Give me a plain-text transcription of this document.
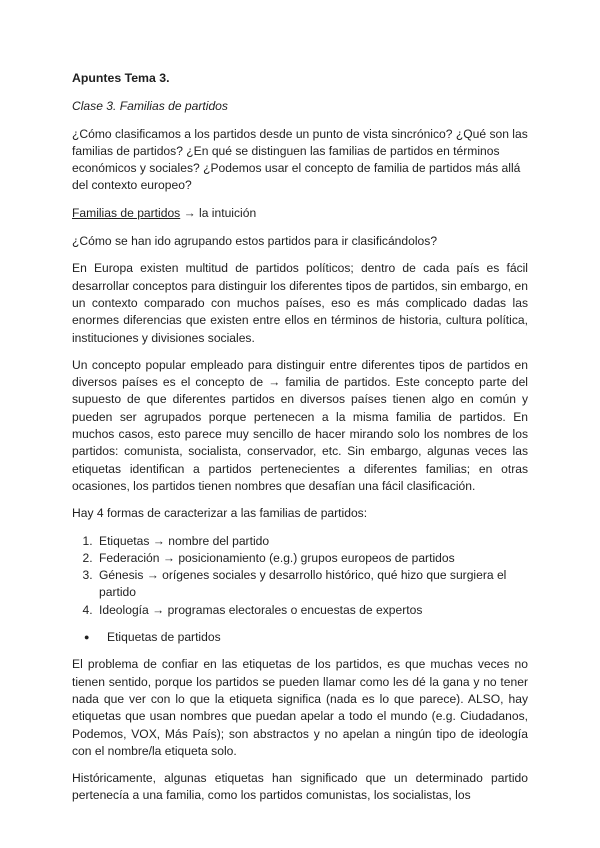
Apuntes Tema 3.
Clase 3. Familias de partidos

¿Cómo clasificamos a los partidos desde un punto de vista sincrónico? ¿Qué son las familias de partidos? ¿En qué se distinguen las familias de partidos en términos económicos y sociales? ¿Podemos usar el concepto de familia de partidos más allá del contexto europeo?

Familias de partidos → la intuición

¿Cómo se han ido agrupando estos partidos para ir clasificándolos?

En Europa existen multitud de partidos políticos; dentro de cada país es fácil desarrollar conceptos para distinguir los diferentes tipos de partidos, sin embargo, en un contexto comparado con muchos países, eso es más complicado dadas las enormes diferencias que existen entre ellos en términos de historia, cultura política, instituciones y divisiones sociales.

Un concepto popular empleado para distinguir entre diferentes tipos de partidos en diversos países es el concepto de → familia de partidos. Este concepto parte del supuesto de que diferentes partidos en diversos países tienen algo en común y pueden ser agrupados porque pertenecen a la misma familia de partidos. En muchos casos, esto parece muy sencillo de hacer mirando solo los nombres de los partidos: comunista, socialista, conservador, etc. Sin embargo, algunas veces las etiquetas identifican a partidos pertenecientes a diferentes familias; en otras ocasiones, los partidos tienen nombres que desafían una fácil clasificación.

Hay 4 formas de caracterizar a las familias de partidos:

1. Etiquetas → nombre del partido
2. Federación → posicionamiento (e.g.) grupos europeos de partidos
3. Génesis → orígenes sociales y desarrollo histórico, qué hizo que surgiera el partido
4. Ideología → programas electorales o encuestas de expertos
● Etiquetas de partidos

El problema de confiar en las etiquetas de los partidos, es que muchas veces no tienen sentido, porque los partidos se pueden llamar como les dé la gana y no tener nada que ver con lo que la etiqueta significa (nada es lo que parece). ALSO, hay etiquetas que usan nombres que puedan apelar a todo el mundo (e.g. Ciudadanos, Podemos, VOX, Más País); son abstractos y no apelan a ningún tipo de ideología con el nombre/la etiqueta solo.

Históricamente, algunas etiquetas han significado que un determinado partido pertenecía a una familia, como los partidos comunistas, los socialistas, los
